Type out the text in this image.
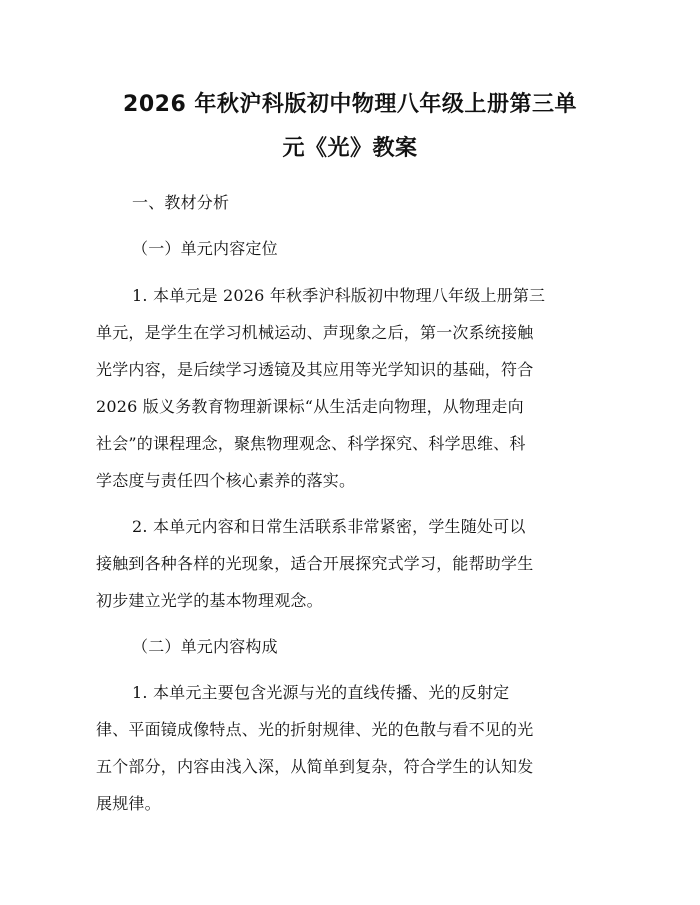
2026 年秋沪科版初中物理八年级上册第三单
元《光》教案
一、教材分析
（一）单元内容定位
1. 本单元是 2026 年秋季沪科版初中物理八年级上册第三
单元，是学生在学习机械运动、声现象之后，第一次系统接触
光学内容，是后续学习透镜及其应用等光学知识的基础，符合
2026 版义务教育物理新课标“从生活走向物理，从物理走向
社会”的课程理念，聚焦物理观念、科学探究、科学思维、科
学态度与责任四个核心素养的落实。
2. 本单元内容和日常生活联系非常紧密，学生随处可以
接触到各种各样的光现象，适合开展探究式学习，能帮助学生
初步建立光学的基本物理观念。
（二）单元内容构成
1. 本单元主要包含光源与光的直线传播、光的反射定
律、平面镜成像特点、光的折射规律、光的色散与看不见的光
五个部分，内容由浅入深，从简单到复杂，符合学生的认知发
展规律。
